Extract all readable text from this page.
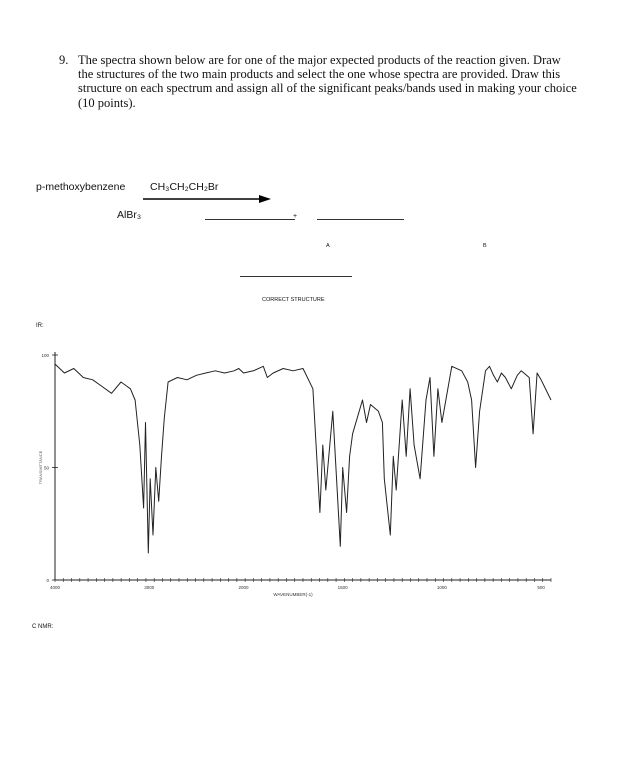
9. The spectra shown below are for one of the major expected products of the reaction given. Draw the structures of the two main products and select the one whose spectra are provided. Draw this structure on each spectrum and assign all of the significant peaks/bands used in making your choice (10 points).
p-methoxybenzene CH₃CH₂CH₂Br
AlBr₃	+
A	B
CORRECT STRUCTURE
IR:
0
50
100
4000	3000	2000	1500	1000	500
WAVENUMBER(-1)
TRANSMITTANCE
C NMR:
